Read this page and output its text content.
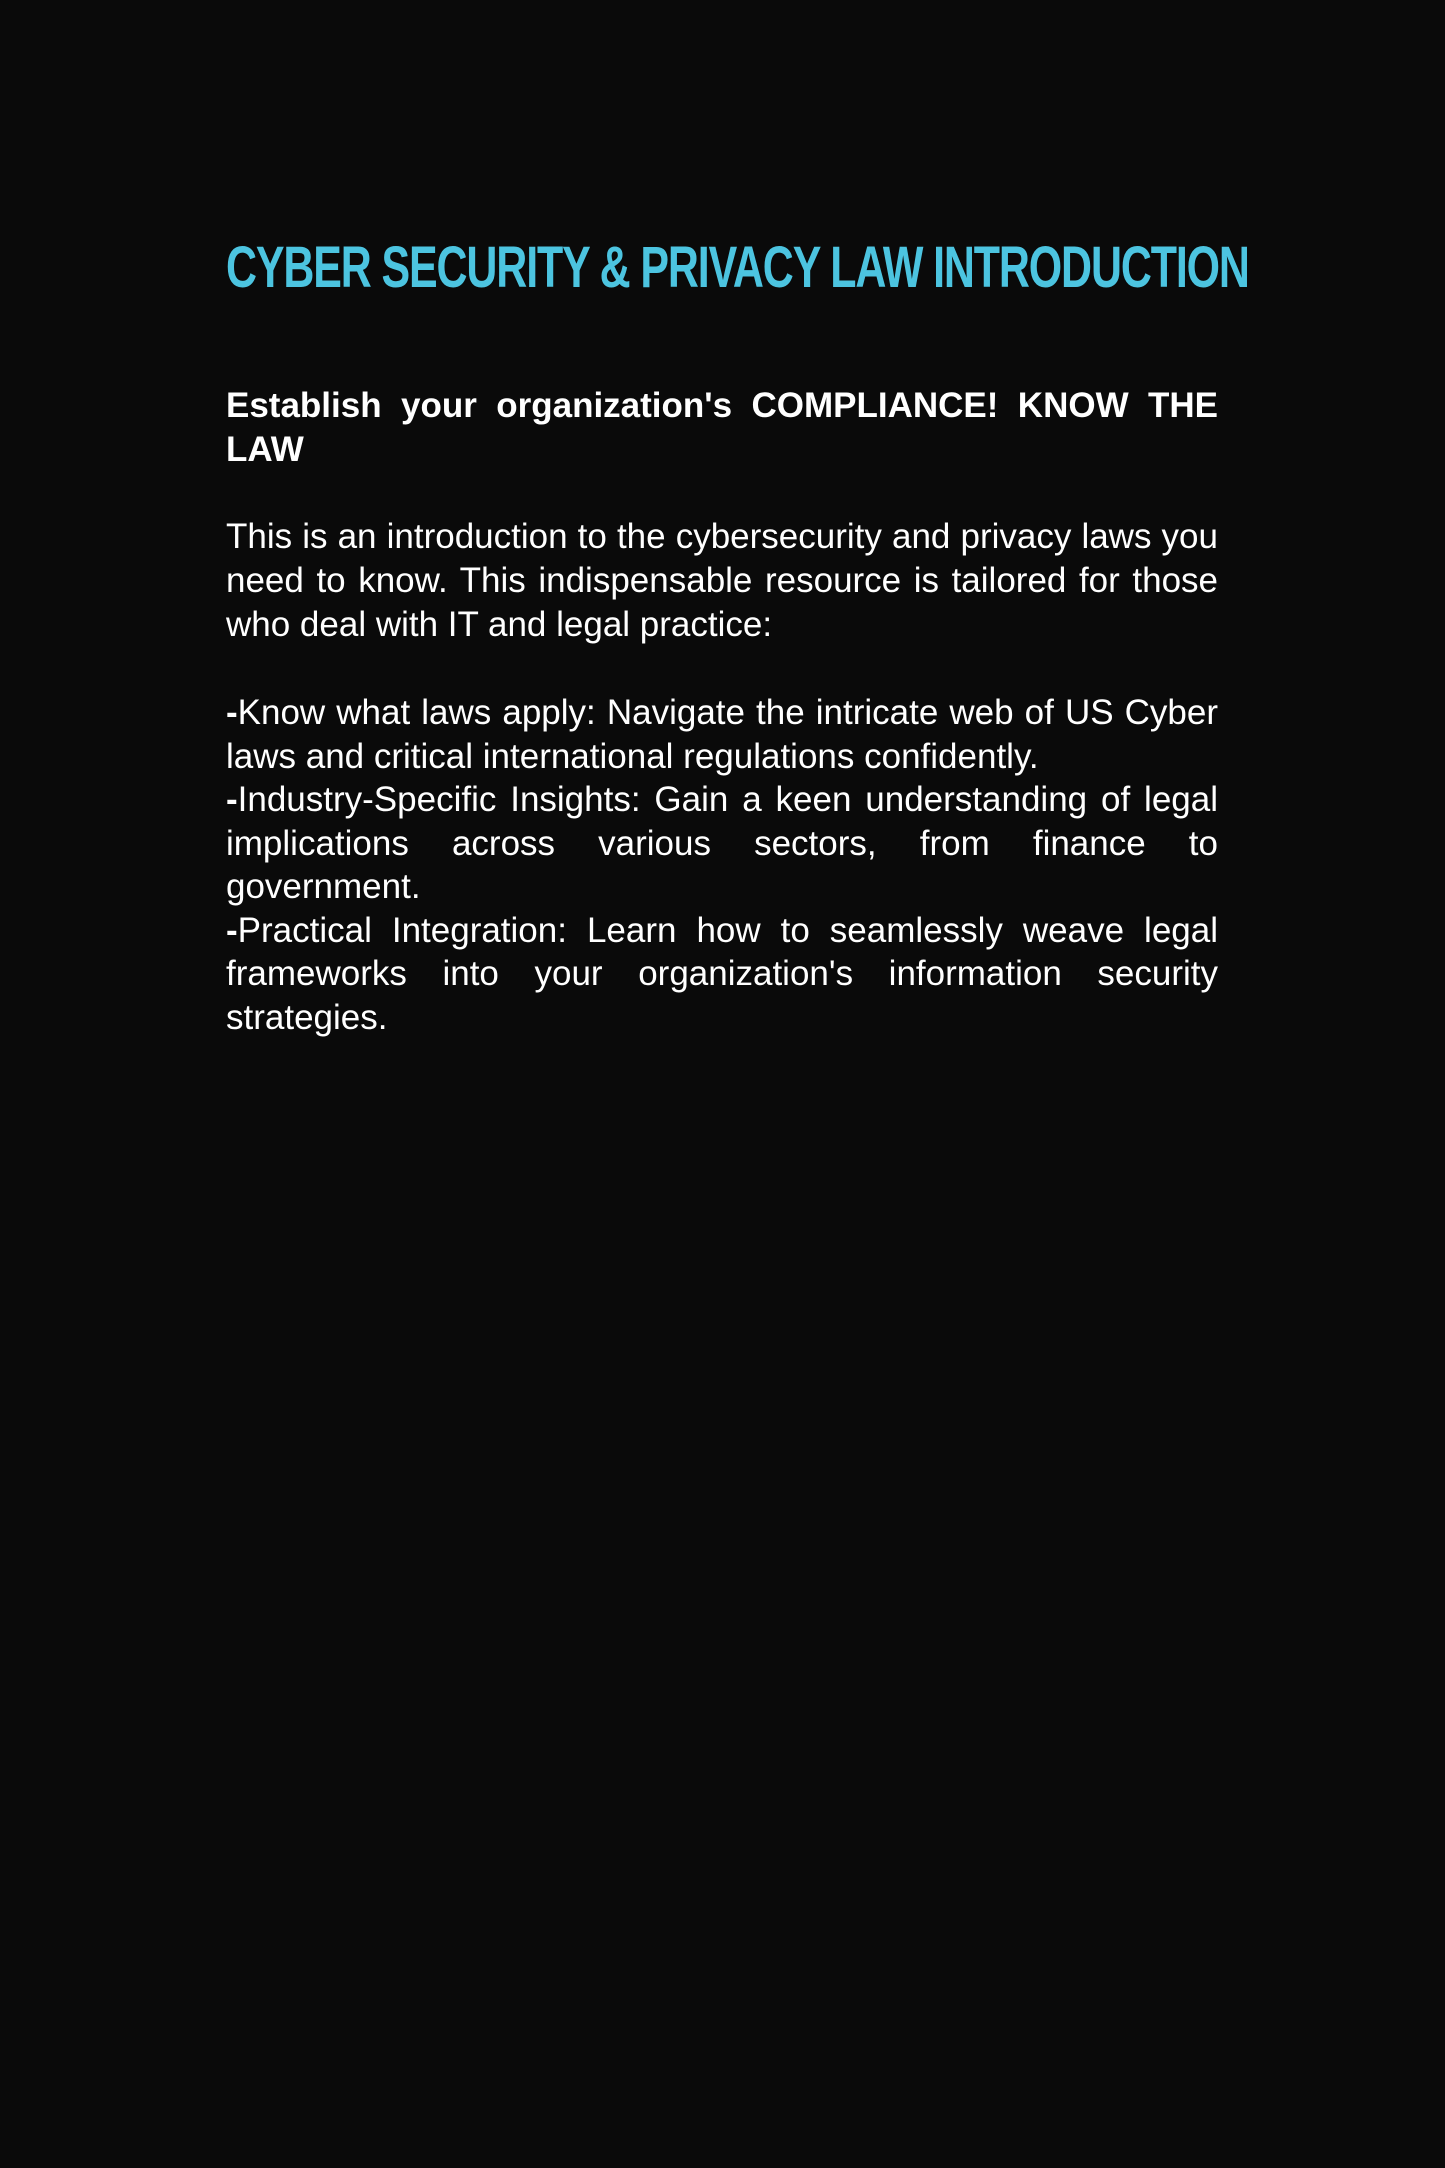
CYBER SECURITY & PRIVACY LAW INTRODUCTION

Establish your organization's COMPLIANCE! KNOW THE LAW

This is an introduction to the cybersecurity and privacy laws you need to know. This indispensable resource is tailored for those who deal with IT and legal practice:

-Know what laws apply: Navigate the intricate web of US Cyber laws and critical international regulations confidently.
-Industry-Specific Insights: Gain a keen understanding of legal implications across various sectors, from finance to government.
-Practical Integration: Learn how to seamlessly weave legal frameworks into your organization's information security strategies.
